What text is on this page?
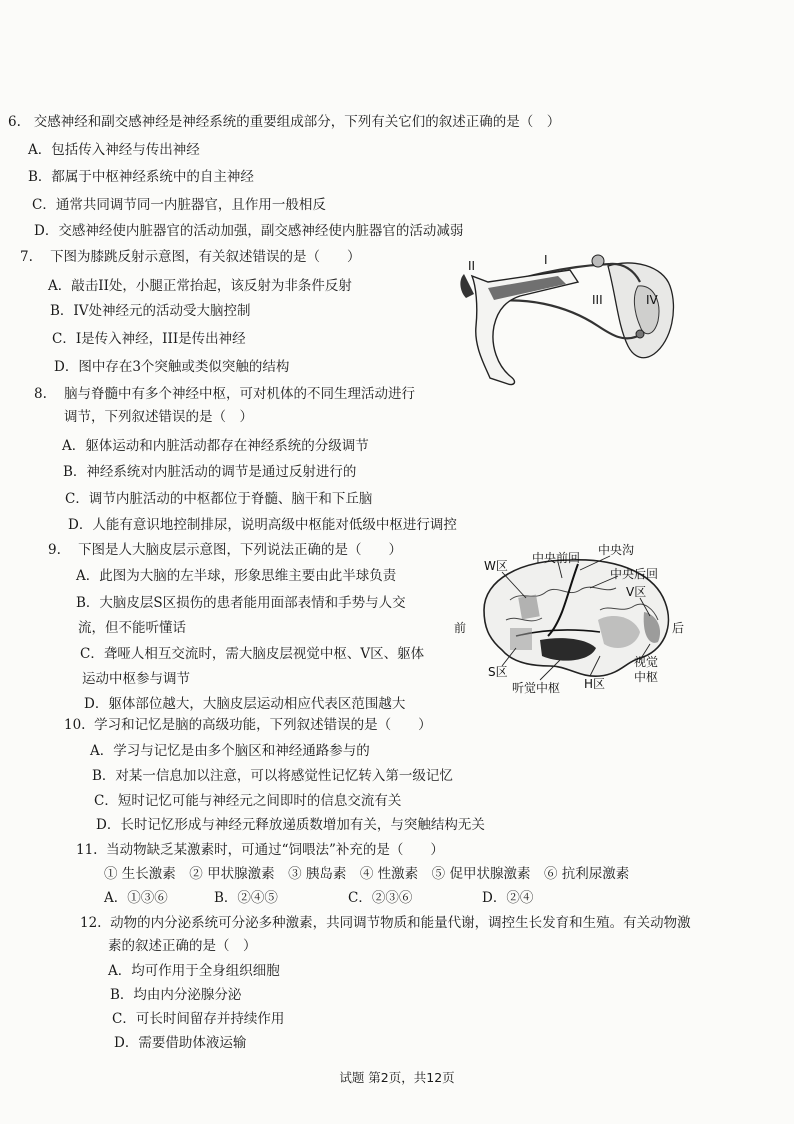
6. 交感神经和副交感神经是神经系统的重要组成部分，下列有关它们的叙述正确的是（　）
A．包括传入神经与传出神经
B．都属于中枢神经系统中的自主神经
C．通常共同调节同一内脏器官，且作用一般相反
D．交感神经使内脏器官的活动加强，副交感神经使内脏器官的活动减弱
7. 下图为膝跳反射示意图，有关叙述错误的是（　　）
A．敲击II处，小腿正常抬起，该反射为非条件反射
B．IV处神经元的活动受大脑控制
C．I是传入神经，III是传出神经
D．图中存在3个突触或类似突触的结构
I
II
III	IV
8. 脑与脊髓中有多个神经中枢，可对机体的不同生理活动进行
调节，下列叙述错误的是（　）
A．躯体运动和内脏活动都存在神经系统的分级调节
B．神经系统对内脏活动的调节是通过反射进行的
C．调节内脏活动的中枢都位于脊髓、脑干和下丘脑
D．人能有意识地控制排尿，说明高级中枢能对低级中枢进行调控
9. 下图是人大脑皮层示意图，下列说法正确的是（　　）
A．此图为大脑的左半球，形象思维主要由此半球负责
B．大脑皮层S区损伤的患者能用面部表情和手势与人交
流，但不能听懂话
C．聋哑人相互交流时，需大脑皮层视觉中枢、V区、躯体
运动中枢参与调节
D．躯体部位越大，大脑皮层运动相应代表区范围越大
W区
中央前回
中央沟
中央后回
V区
前	后
S区
听觉中枢 H区
视觉
中枢
10. 学习和记忆是脑的高级功能，下列叙述错误的是（　　）
A．学习与记忆是由多个脑区和神经通路参与的
B．对某一信息加以注意，可以将感觉性记忆转入第一级记忆
C．短时记忆可能与神经元之间即时的信息交流有关
D．长时记忆形成与神经元释放递质数增加有关，与突触结构无关
11. 当动物缺乏某激素时，可通过“饲喂法”补充的是（　　）
① 生长激素　② 甲状腺激素　③ 胰岛素　④ 性激素　⑤ 促甲状腺激素　⑥ 抗利尿激素
A．①③⑥	B．②④⑤	C．②③⑥	D．②④
12. 动物的内分泌系统可分泌多种激素，共同调节物质和能量代谢，调控生长发育和生殖。有关动物激
素的叙述正确的是（　）
A．均可作用于全身组织细胞
B．均由内分泌腺分泌
C．可长时间留存并持续作用
D．需要借助体液运输
试题 第2页，共12页
